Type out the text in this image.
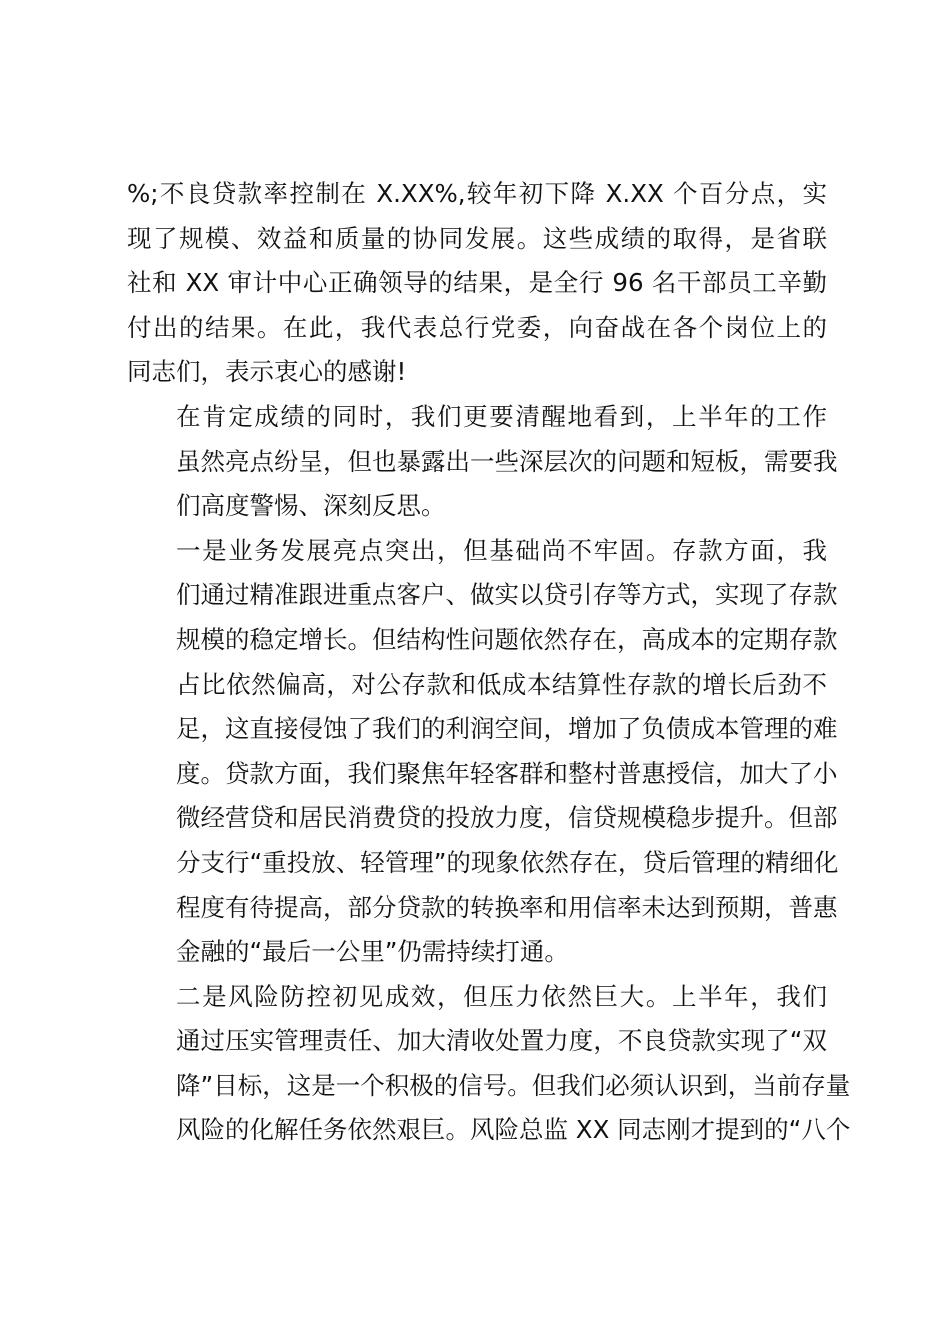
%;不良贷款率控制在 X.XX%,较年初下降 X.XX 个百分点，实
现了规模、效益和质量的协同发展。这些成绩的取得，是省联
社和 XX 审计中心正确领导的结果，是全行 96 名干部员工辛勤
付出的结果。在此，我代表总行党委，向奋战在各个岗位上的
同志们，表示衷心的感谢!
在肯定成绩的同时，我们更要清醒地看到，上半年的工作
虽然亮点纷呈，但也暴露出一些深层次的问题和短板，需要我
们高度警惕、深刻反思。
一是业务发展亮点突出，但基础尚不牢固。存款方面，我
们通过精准跟进重点客户、做实以贷引存等方式，实现了存款
规模的稳定增长。但结构性问题依然存在，高成本的定期存款
占比依然偏高，对公存款和低成本结算性存款的增长后劲不
足，这直接侵蚀了我们的利润空间，增加了负债成本管理的难
度。贷款方面，我们聚焦年轻客群和整村普惠授信，加大了小
微经营贷和居民消费贷的投放力度，信贷规模稳步提升。但部
分支行“重投放、轻管理”的现象依然存在，贷后管理的精细化
程度有待提高，部分贷款的转换率和用信率未达到预期，普惠
金融的“最后一公里”仍需持续打通。
二是风险防控初见成效，但压力依然巨大。上半年，我们
通过压实管理责任、加大清收处置力度，不良贷款实现了“双
降”目标，这是一个积极的信号。但我们必须认识到，当前存量
风险的化解任务依然艰巨。风险总监 XX 同志刚才提到的“八个
